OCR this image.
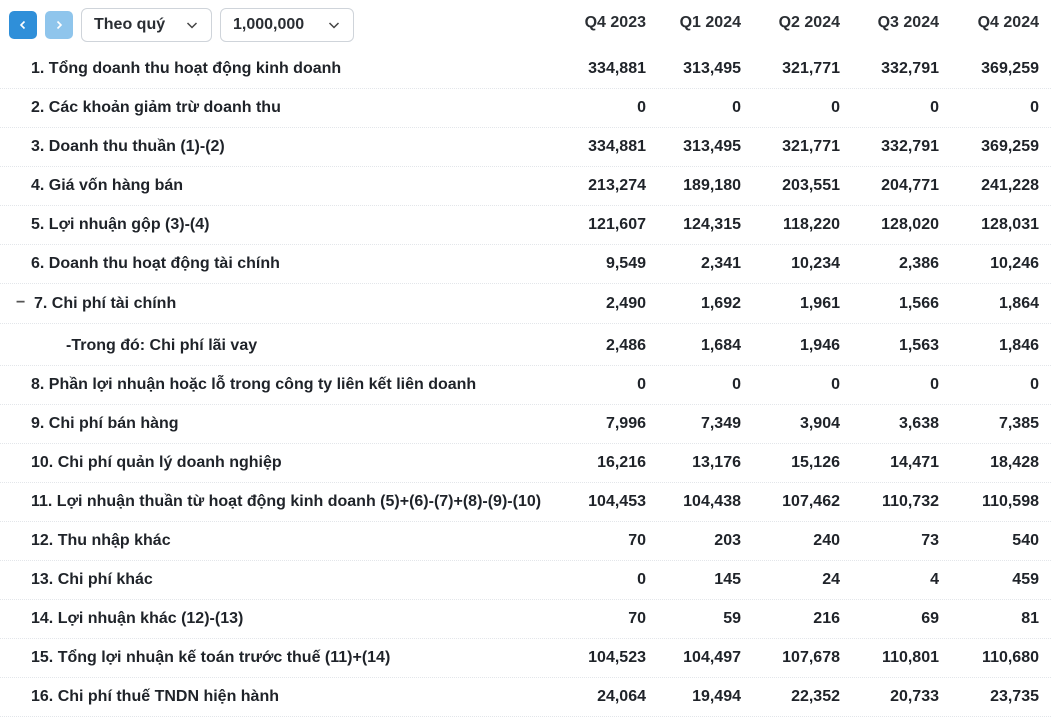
Theo quý	1,000,000	Q4 2023	Q1 2024	Q2 2024	Q3 2024	Q4 2024
1. Tổng doanh thu hoạt động kinh doanh	334,881	313,495	321,771	332,791	369,259
2. Các khoản giảm trừ doanh thu	0	0	0	0	0
3. Doanh thu thuần (1)-(2)	334,881	313,495	321,771	332,791	369,259
4. Giá vốn hàng bán	213,274	189,180	203,551	204,771	241,228
5. Lợi nhuận gộp (3)-(4)	121,607	124,315	118,220	128,020	128,031
6. Doanh thu hoạt động tài chính	9,549	2,341	10,234	2,386	10,246
− 7. Chi phí tài chính	2,490	1,692	1,961	1,566	1,864
-Trong đó: Chi phí lãi vay	2,486	1,684	1,946	1,563	1,846
8. Phần lợi nhuận hoặc lỗ trong công ty liên kết liên doanh	0	0	0	0	0
9. Chi phí bán hàng	7,996	7,349	3,904	3,638	7,385
10. Chi phí quản lý doanh nghiệp	16,216	13,176	15,126	14,471	18,428
11. Lợi nhuận thuần từ hoạt động kinh doanh (5)+(6)-(7)+(8)-(9)-(10)	104,453	104,438	107,462	110,732	110,598
12. Thu nhập khác	70	203	240	73	540
13. Chi phí khác	0	145	24	4	459
14. Lợi nhuận khác (12)-(13)	70	59	216	69	81
15. Tổng lợi nhuận kế toán trước thuế (11)+(14)	104,523	104,497	107,678	110,801	110,680
16. Chi phí thuế TNDN hiện hành	24,064	19,494	22,352	20,733	23,735
